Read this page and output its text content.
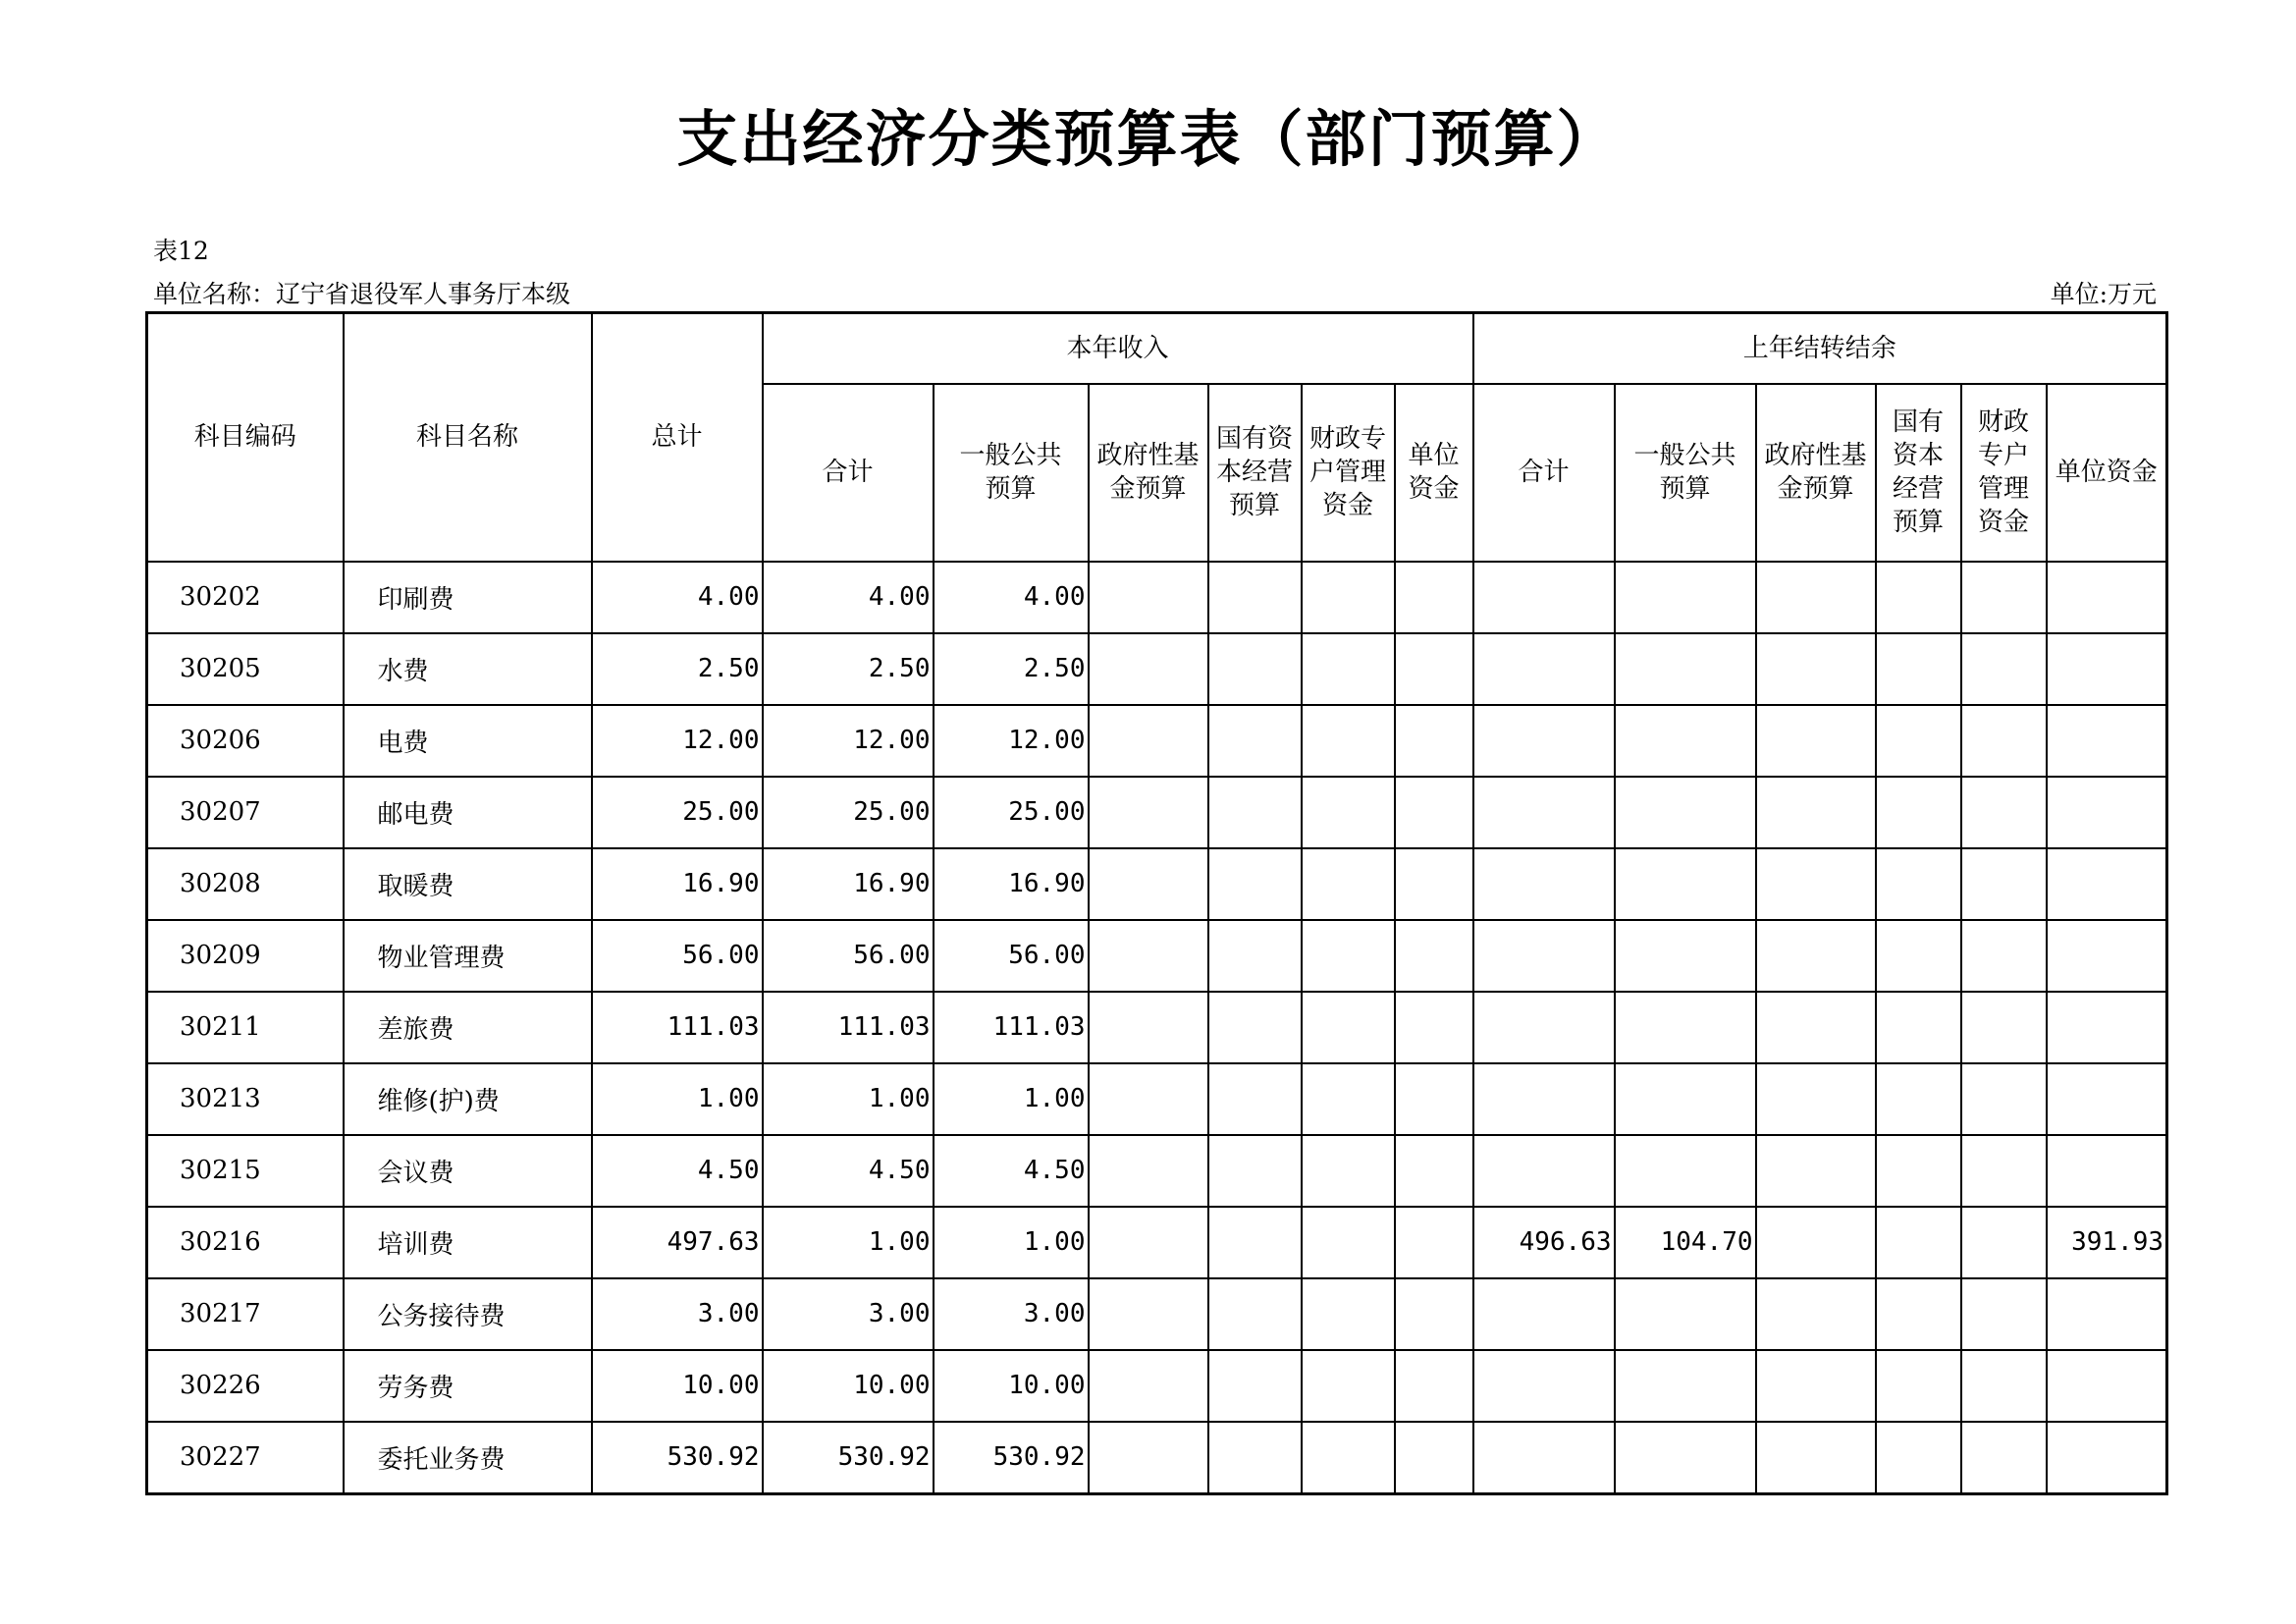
支出经济分类预算表（部门预算）
表12
单位名称：辽宁省退役军人事务厅本级	单位:万元
科目编码	科目名称	总计	本年收入						上年结转结余					

			合计	一般公共预算	政府性基金预算	国有资本经营预算	财政专户管理资金	单位资金	合计	一般公共预算	政府性基金预算	国有资本经营预算	财政专户管理资金	单位资金

30202	印刷费	4.00	4.00	4.00										
30205	水费	2.50	2.50	2.50										
30206	电费	12.00	12.00	12.00										
30207	邮电费	25.00	25.00	25.00										
30208	取暖费	16.90	16.90	16.90										
30209	物业管理费	56.00	56.00	56.00										
30211	差旅费	111.03	111.03	111.03										
30213	维修(护)费	1.00	1.00	1.00										
30215	会议费	4.50	4.50	4.50										
30216	培训费	497.63	1.00	1.00					496.63	104.70				391.93
30217	公务接待费	3.00	3.00	3.00										
30226	劳务费	10.00	10.00	10.00										
30227	委托业务费	530.92	530.92	530.92										
